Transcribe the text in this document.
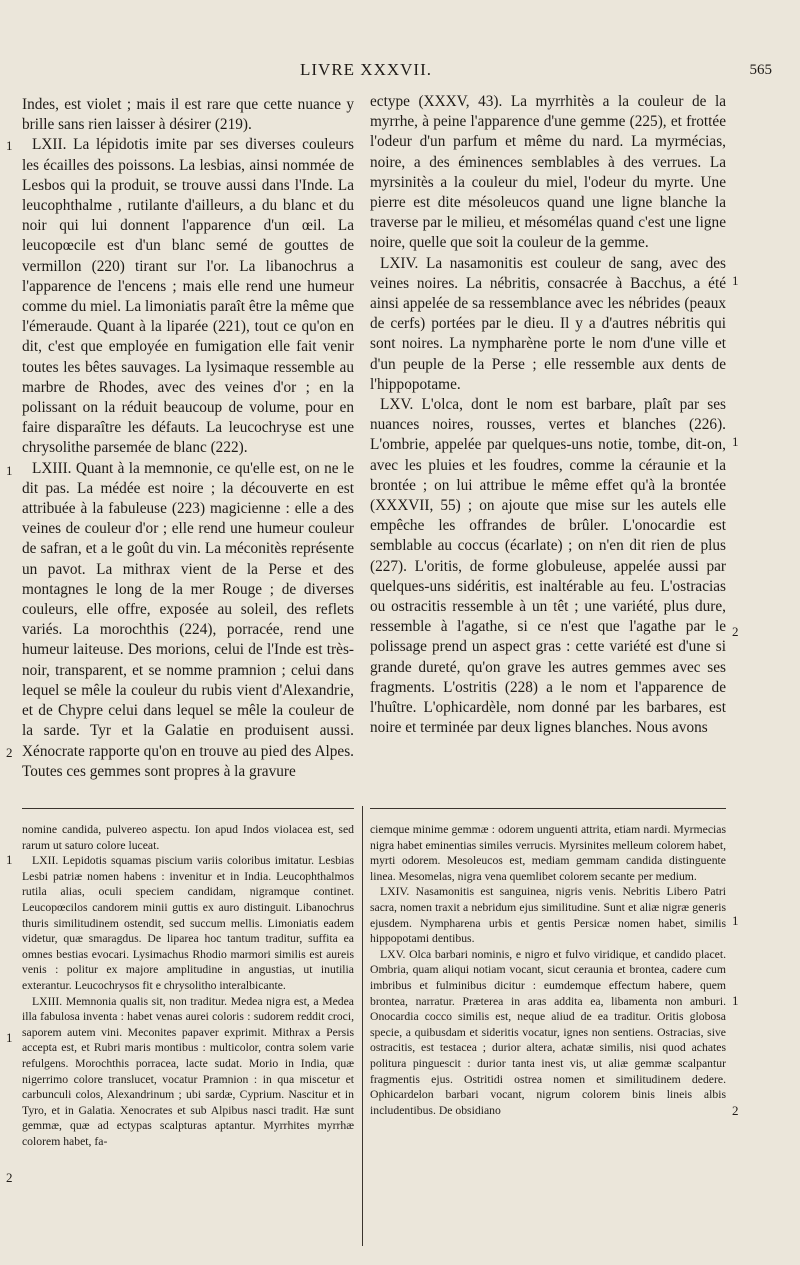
LIVRE XXXVII.	565
1
1
2
1
1
2
1
1
2
1
1
2

Indes, est violet ; mais il est rare que cette nuance y brille sans rien laisser à désirer (219).

LXII. La lépidotis imite par ses diverses couleurs les écailles des poissons. La lesbias, ainsi nommée de Lesbos qui la produit, se trouve aussi dans l'Inde. La leucophthalme , rutilante d'ailleurs, a du blanc et du noir qui lui donnent l'apparence d'un œil. La leucopœcile est d'un blanc semé de gouttes de vermillon (220) tirant sur l'or. La libanochrus a l'apparence de l'encens ; mais elle rend une humeur comme du miel. La limoniatis paraît être la même que l'émeraude. Quant à la liparée (221), tout ce qu'on en dit, c'est que employée en fumigation elle fait venir toutes les bêtes sauvages. La lysimaque ressemble au marbre de Rhodes, avec des veines d'or ; en la polissant on la réduit beaucoup de volume, pour en faire disparaître les défauts. La leucochryse est une chrysolithe parsemée de blanc (222).

LXIII. Quant à la memnonie, ce qu'elle est, on ne le dit pas. La médée est noire ; la découverte en est attribuée à la fabuleuse (223) magicienne : elle a des veines de couleur d'or ; elle rend une humeur couleur de safran, et a le goût du vin. La méconitès représente un pavot. La mithrax vient de la Perse et des montagnes le long de la mer Rouge ; de diverses couleurs, elle offre, exposée au soleil, des reflets variés. La morochthis (224), porracée, rend une humeur laiteuse. Des morions, celui de l'Inde est très-noir, transparent, et se nomme pramnion ; celui dans lequel se mêle la couleur du rubis vient d'Alexandrie, et de Chypre celui dans lequel se mêle la couleur de la sarde. Tyr et la Galatie en produisent aussi. Xénocrate rapporte qu'on en trouve au pied des Alpes. Toutes ces gemmes sont propres à la gravure

ectype (XXXV, 43). La myrrhitès a la couleur de la myrrhe, à peine l'apparence d'une gemme (225), et frottée l'odeur d'un parfum et même du nard. La myrmécias, noire, a des éminences semblables à des verrues. La myrsinitès a la couleur du miel, l'odeur du myrte. Une pierre est dite mésoleucos quand une ligne blanche la traverse par le milieu, et mésomélas quand c'est une ligne noire, quelle que soit la couleur de la gemme.

LXIV. La nasamonitis est couleur de sang, avec des veines noires. La nébritis, consacrée à Bacchus, a été ainsi appelée de sa ressemblance avec les nébrides (peaux de cerfs) portées par le dieu. Il y a d'autres nébritis qui sont noires. La nympharène porte le nom d'une ville et d'un peuple de la Perse ; elle ressemble aux dents de l'hippopotame.

LXV. L'olca, dont le nom est barbare, plaît par ses nuances noires, rousses, vertes et blanches (226). L'ombrie, appelée par quelques-uns notie, tombe, dit-on, avec les pluies et les foudres, comme la céraunie et la brontée ; on lui attribue le même effet qu'à la brontée (XXXVII, 55) ; on ajoute que mise sur les autels elle empêche les offrandes de brûler. L'onocardie est semblable au coccus (écarlate) ; on n'en dit rien de plus (227). L'oritis, de forme globuleuse, appelée aussi par quelques-uns sidéritis, est inaltérable au feu. L'ostracias ou ostracitis ressemble à un têt ; une variété, plus dure, ressemble à l'agathe, si ce n'est que l'agathe par le polissage prend un aspect gras : cette variété est d'une si grande dureté, qu'on grave les autres gemmes avec ses fragments. L'ostritis (228) a le nom et l'apparence de l'huître. L'ophicardèle, nom donné par les barbares, est noire et terminée par deux lignes blanches. Nous avons

nomine candida, pulvereo aspectu. Ion apud Indos violacea est, sed rarum ut saturo colore luceat.

LXII. Lepidotis squamas piscium variis coloribus imitatur. Lesbias Lesbi patriæ nomen habens : invenitur et in India. Leucophthalmos rutila alias, oculi speciem candidam, nigramque continet. Leucopœcilos candorem minii guttis ex auro distinguit. Libanochrus thuris similitudinem ostendit, sed succum mellis. Limoniatis eadem videtur, quæ smaragdus. De liparea hoc tantum traditur, suffita ea omnes bestias evocari. Lysimachus Rhodio marmori similis est aureis venis : politur ex majore amplitudine in angustias, ut inutilia exterantur. Leucochrysos fit e chrysolitho interalbicante.

LXIII. Memnonia qualis sit, non traditur. Medea nigra est, a Medea illa fabulosa inventa : habet venas aurei coloris : sudorem reddit croci, saporem autem vini. Meconites papaver exprimit. Mithrax a Persis accepta est, et Rubri maris montibus : multicolor, contra solem varie refulgens. Morochthis porracea, lacte sudat. Morio in India, quæ nigerrimo colore translucet, vocatur Pramnion : in qua miscetur et carbunculi colos, Alexandrinum ; ubi sardæ, Cyprium. Nascitur et in Tyro, et in Galatia. Xenocrates et sub Alpibus nasci tradit. Hæ sunt gemmæ, quæ ad ectypas scalpturas aptantur. Myrrhites myrrhæ colorem habet, fa-

ciemque minime gemmæ : odorem unguenti attrita, etiam nardi. Myrmecias nigra habet eminentias similes verrucis. Myrsinites melleum colorem habet, myrti odorem. Mesoleucos est, mediam gemmam candida distinguente linea. Mesomelas, nigra vena quemlibet colorem secante per medium.

LXIV. Nasamonitis est sanguinea, nigris venis. Nebritis Libero Patri sacra, nomen traxit a nebridum ejus similitudine. Sunt et aliæ nigræ generis ejusdem. Nympharena urbis et gentis Persicæ nomen habet, similis hippopotami dentibus.

LXV. Olca barbari nominis, e nigro et fulvo viridique, et candido placet. Ombria, quam aliqui notiam vocant, sicut ceraunia et brontea, cadere cum imbribus et fulminibus dicitur : eumdemque effectum habere, quem brontea, narratur. Præterea in aras addita ea, libamenta non amburi. Onocardia cocco similis est, neque aliud de ea traditur. Oritis globosa specie, a quibusdam et sideritis vocatur, ignes non sentiens. Ostracias, sive ostracitis, est testacea ; durior altera, achatæ similis, nisi quod achates politura pinguescit : durior tanta inest vis, ut aliæ gemmæ scalpantur fragmentis ejus. Ostritidi ostrea nomen et similitudinem dedere. Ophicardelon barbari vocant, nigrum colorem binis lineis albis includentibus. De obsidiano
